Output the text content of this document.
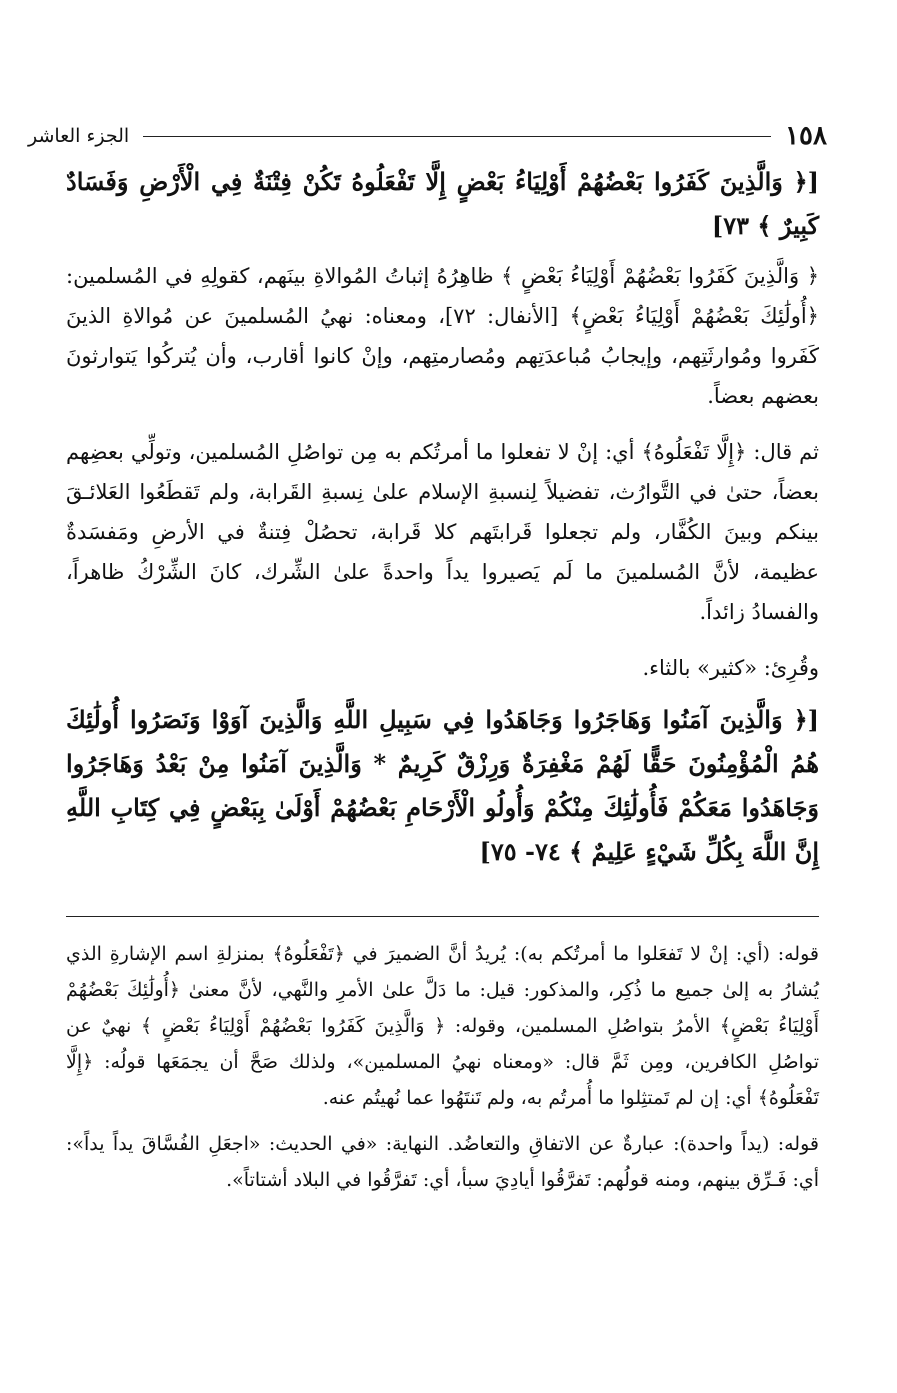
١٥٨
الجزء العاشر

[﴿ وَالَّذِينَ كَفَرُوا بَعْضُهُمْ أَوْلِيَاءُ بَعْضٍ إِلَّا تَفْعَلُوهُ تَكُنْ فِتْنَةٌ فِي الْأَرْضِ وَفَسَادٌ كَبِيرٌ ﴾ ٧٣]

﴿ وَالَّذِينَ كَفَرُوا بَعْضُهُمْ أَوْلِيَاءُ بَعْضٍ ﴾ ظاهِرُهُ إثباتُ المُوالاةِ بينَهم، كقولِهِ في المُسلمين: ﴿أُولَٰئِكَ بَعْضُهُمْ أَوْلِيَاءُ بَعْضٍ﴾ [الأنفال: ٧٢]، ومعناه: نهيُ المُسلمينَ عن مُوالاةِ الذينَ كَفَروا ومُوارثَتِهم، وإيجابُ مُباعدَتِهم ومُصارمتِهم، وإنْ كانوا أقارب، وأن يُتركُوا يَتوارثونَ بعضهم بعضاً.

ثم قال: ﴿إِلَّا تَفْعَلُوهُ﴾ أي: إنْ لا تفعلوا ما أمرتُكم به مِن تواصُلِ المُسلمين، وتولِّي بعضِهم بعضاً، حتىٰ في التَّوارُث، تفضيلاً لِنسبةِ الإسلام علىٰ نِسبةِ القَرابة، ولم تَقطَعُوا العَلائـقَ بينكم وبينَ الكُفَّار، ولم تجعلوا قَرابتَهم كلا قَرابة، تحصُلْ فِتنةٌ في الأرضِ ومَفسَدةٌ عظيمة، لأنَّ المُسلمينَ ما لَم يَصيروا يداً واحدةً علىٰ الشِّرك، كانَ الشِّرْكُ ظاهراً، والفسادُ زائداً.

وقُرِئ: «كثير» بالثاء.

[﴿ وَالَّذِينَ آمَنُوا وَهَاجَرُوا وَجَاهَدُوا فِي سَبِيلِ اللَّهِ وَالَّذِينَ آوَوْا وَنَصَرُوا أُولَٰئِكَ هُمُ الْمُؤْمِنُونَ حَقًّا لَهُمْ مَغْفِرَةٌ وَرِزْقٌ كَرِيمٌ * وَالَّذِينَ آمَنُوا مِنْ بَعْدُ وَهَاجَرُوا وَجَاهَدُوا مَعَكُمْ فَأُولَٰئِكَ مِنْكُمْ وَأُولُو الْأَرْحَامِ بَعْضُهُمْ أَوْلَىٰ بِبَعْضٍ فِي كِتَابِ اللَّهِ إِنَّ اللَّهَ بِكُلِّ شَيْءٍ عَلِيمٌ ﴾ ٧٤- ٧٥]

قوله: (أي: إنْ لا تَفعَلوا ما أمرتُكم به): يُريدُ أنَّ الضميرَ في ﴿تَفْعَلُوهُ﴾ بمنزلةِ اسم الإشارةِ الذي يُشارُ به إلىٰ جميع ما ذُكِر، والمذكور: قيل: ما دَلَّ علىٰ الأمرِ والنَّهي، لأنَّ معنىٰ ﴿أُولَٰئِكَ بَعْضُهُمْ أَوْلِيَاءُ بَعْضٍ﴾ الأمرُ بتواصُلِ المسلمين، وقوله: ﴿ وَالَّذِينَ كَفَرُوا بَعْضُهُمْ أَوْلِيَاءُ بَعْضٍ ﴾ نهيٌ عن تواصُلِ الكافرين، ومِن ثَمَّ قال: «ومعناه نهيُ المسلمين»، ولذلك صَحَّ أن يجمَعَها قولُه: ﴿إِلَّا تَفْعَلُوهُ﴾ أي: إن لم تَمتثِلوا ما أُمرتُم به، ولم تَنتَهُوا عما نُهيتُم عنه.

قوله: (يداً واحدة): عبارةٌ عن الاتفاقِ والتعاضُد. النهاية: «في الحديث: «اجعَلِ الفُسَّاقَ يداً يداً»: أي: فَـرِّق بينهم، ومنه قولُهم: تَفرَّقُوا أيادِيَ سبأ، أي: تَفرَّقُوا في البلاد أشتاتاً».
